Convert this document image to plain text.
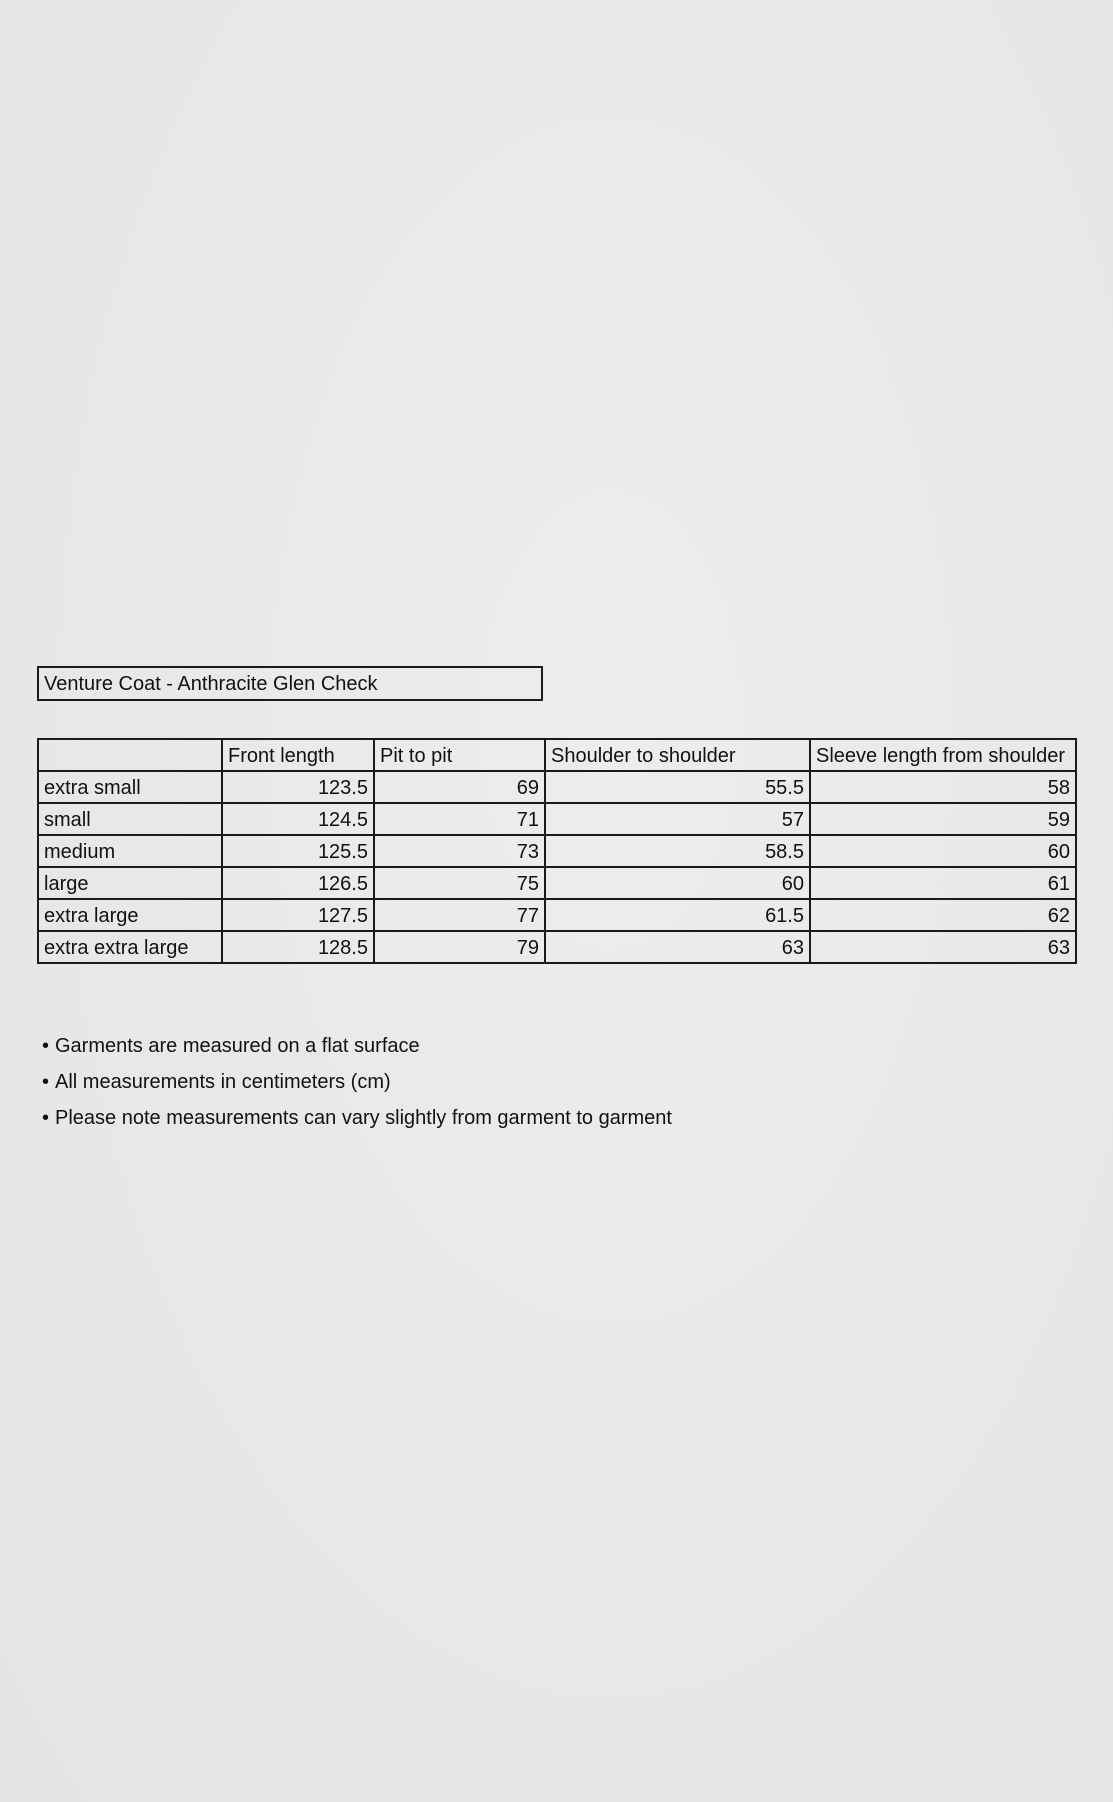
Venture Coat - Anthracite Glen Check
	Front length	Pit to pit	Shoulder to shoulder	Sleeve length from shoulder
extra small	123.5	69	55.5	58
small	124.5	71	57	59
medium	125.5	73	58.5	60
large	126.5	75	60	61
extra large	127.5	77	61.5	62
extra extra large	128.5	79	63	63
• Garments are measured on a flat surface
• All measurements in centimeters (cm)
• Please note measurements can vary slightly from garment to garment
